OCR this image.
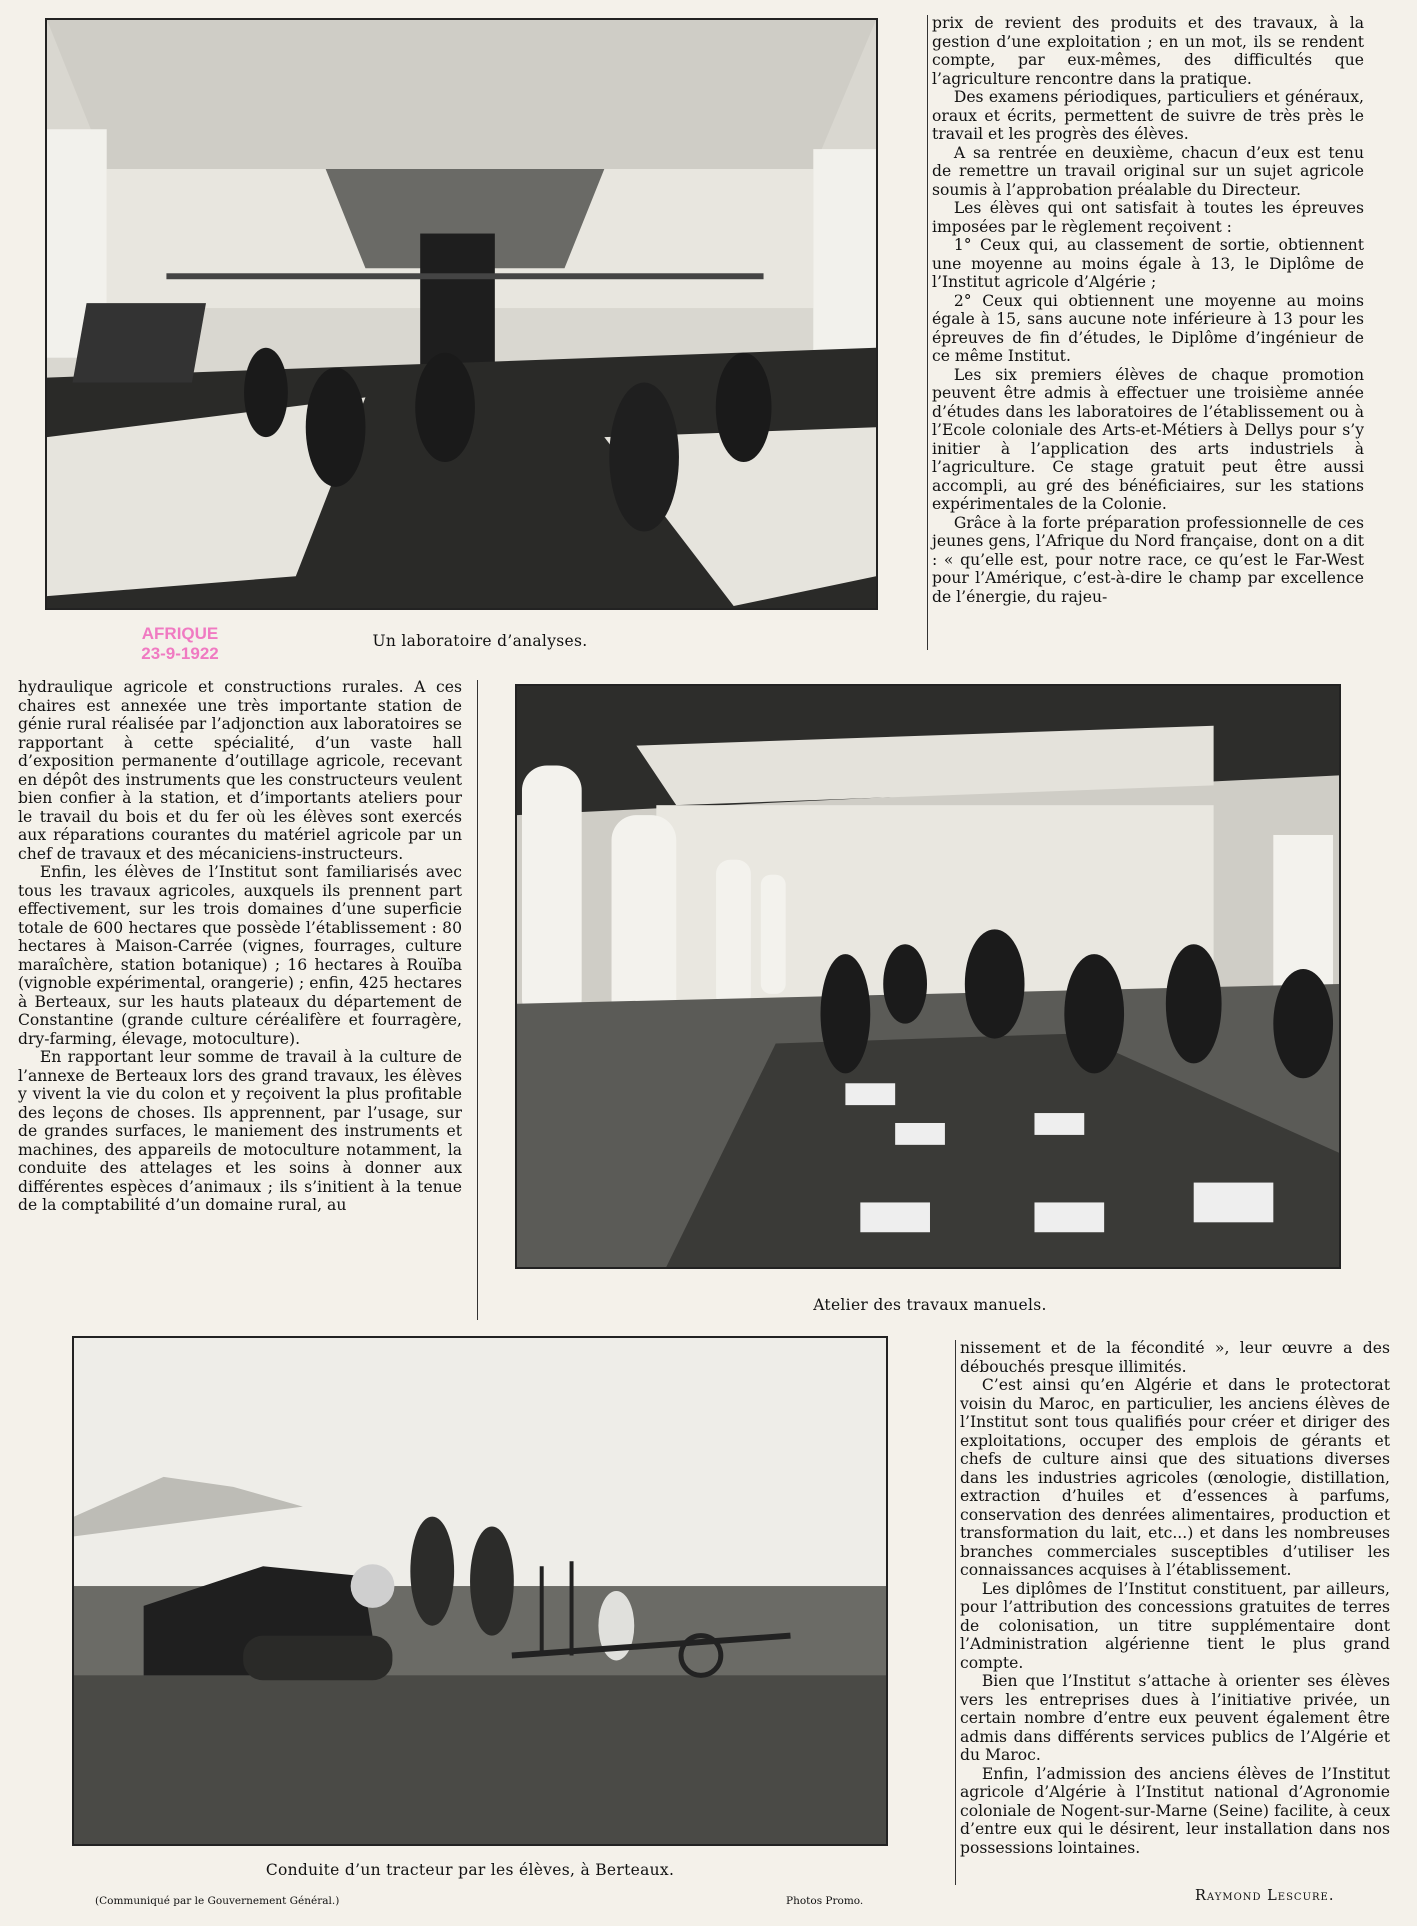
AFRIQUE
23-9-1922
Un laboratoire d’analyses.

prix de revient des produits et des travaux, à la gestion d’une exploitation ; en un mot, ils se rendent compte, par eux-mêmes, des difficultés que l’agriculture rencontre dans la pratique.

Des examens périodiques, particuliers et généraux, oraux et écrits, permettent de suivre de très près le travail et les progrès des élèves.

A sa rentrée en deuxième, chacun d’eux est tenu de remettre un travail original sur un sujet agricole soumis à l’approbation préalable du Directeur.

Les élèves qui ont satisfait à toutes les épreuves imposées par le règlement reçoivent :

1° Ceux qui, au classement de sortie, obtiennent une moyenne au moins égale à 13, le Diplôme de l’Institut agricole d’Algérie ;

2° Ceux qui obtiennent une moyenne au moins égale à 15, sans aucune note inférieure à 13 pour les épreuves de fin d’études, le Diplôme d’ingénieur de ce même Institut.

Les six premiers élèves de chaque promotion peuvent être admis à effectuer une troisième année d’études dans les laboratoires de l’établissement ou à l’Ecole coloniale des Arts-et-Métiers à Dellys pour s’y initier à l’application des arts industriels à l’agriculture. Ce stage gratuit peut être aussi accompli, au gré des bénéficiaires, sur les stations expérimentales de la Colonie.

Grâce à la forte préparation professionnelle de ces jeunes gens, l’Afrique du Nord française, dont on a dit : « qu’elle est, pour notre race, ce qu’est le Far-West pour l’Amérique, c’est-à-dire le champ par excellence de l’énergie, du rajeu-

hydraulique agricole et constructions rurales. A ces chaires est annexée une très importante station de génie rural réalisée par l’adjonction aux laboratoires se rapportant à cette spécialité, d’un vaste hall d’exposition permanente d’outillage agricole, recevant en dépôt des instruments que les constructeurs veulent bien confier à la station, et d’importants ateliers pour le travail du bois et du fer où les élèves sont exercés aux réparations courantes du matériel agricole par un chef de travaux et des mécaniciens-instructeurs.

Enfin, les élèves de l’Institut sont familiarisés avec tous les travaux agricoles, auxquels ils prennent part effectivement, sur les trois domaines d’une superficie totale de 600 hectares que possède l’établissement : 80 hectares à Maison-Carrée (vignes, fourrages, culture maraîchère, station botanique) ; 16 hectares à Rouïba (vignoble expérimental, orangerie) ; enfin, 425 hectares à Berteaux, sur les hauts plateaux du département de Constantine (grande culture céréalifère et fourragère, dry-farming, élevage, motoculture).

En rapportant leur somme de travail à la culture de l’annexe de Berteaux lors des grand travaux, les élèves y vivent la vie du colon et y reçoivent la plus profitable des leçons de choses. Ils apprennent, par l’usage, sur de grandes surfaces, le maniement des instruments et machines, des appareils de motoculture notamment, la conduite des attelages et les soins à donner aux différentes espèces d’animaux ; ils s’initient à la tenue de la comptabilité d’un domaine rural, au

Atelier des travaux manuels.
Conduite d’un tracteur par les élèves, à Berteaux.

nissement et de la fécondité », leur œuvre a des débouchés presque illimités.

C’est ainsi qu’en Algérie et dans le protectorat voisin du Maroc, en particulier, les anciens élèves de l’Institut sont tous qualifiés pour créer et diriger des exploitations, occuper des emplois de gérants et chefs de culture ainsi que des situations diverses dans les industries agricoles (œnologie, distillation, extraction d’huiles et d’essences à parfums, conservation des denrées alimentaires, production et transformation du lait, etc...) et dans les nombreuses branches commerciales susceptibles d’utiliser les connaissances acquises à l’établissement.

Les diplômes de l’Institut constituent, par ailleurs, pour l’attribution des concessions gratuites de terres de colonisation, un titre supplémentaire dont l’Administration algérienne tient le plus grand compte.

Bien que l’Institut s’attache à orienter ses élèves vers les entreprises dues à l’initiative privée, un certain nombre d’entre eux peuvent également être admis dans différents services publics de l’Algérie et du Maroc.

Enfin, l’admission des anciens élèves de l’Institut agricole d’Algérie à l’Institut national d’Agronomie coloniale de Nogent-sur-Marne (Seine) facilite, à ceux d’entre eux qui le désirent, leur installation dans nos possessions lointaines.

Raymond Lescure.
(Communiqué par le Gouvernement Général.)	Photos Promo.
